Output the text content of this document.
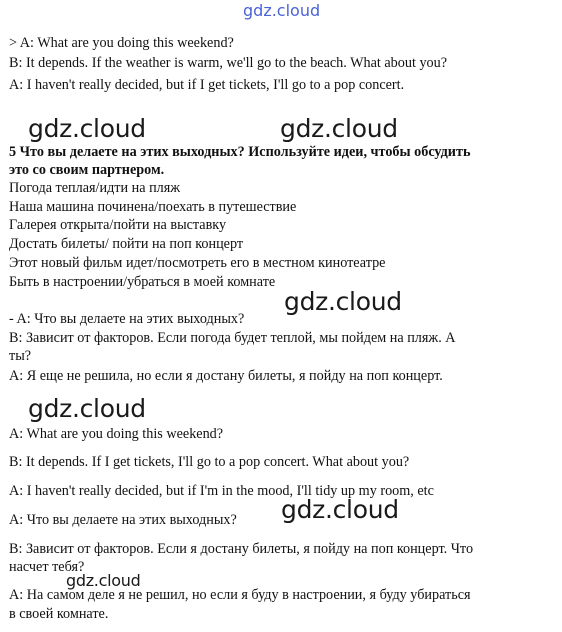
gdz.cloud

> A: What are you doing this weekend?

B: It depends. If the weather is warm, we'll go to the beach. What about you?

A: I haven't really decided, but if I get tickets, I'll go to a pop concert.

gdz.cloud	gdz.cloud

5 Что вы делаете на этих выходных? Используйте идеи, чтобы обсудить

это со своим партнером.

Погода теплая/идти на пляж

Наша машина починена/поехать в путешествие

Галерея открыта/пойти на выставку

Достать билеты/ пойти на поп концерт

Этот новый фильм идет/посмотреть его в местном кинотеатре

Быть в настроении/убраться в моей комнате

gdz.cloud

- A: Что вы делаете на этих выходных?

B: Зависит от факторов. Если погода будет теплой, мы пойдем на пляж. А

ты?

A: Я еще не решила, но если я достану билеты, я пойду на поп концерт.

gdz.cloud

A: What are you doing this weekend?

B: It depends. If I get tickets, I'll go to a pop concert. What about you?

A: I haven't really decided, but if I'm in the mood, I'll tidy up my room, etc

gdz.cloud

A: Что вы делаете на этих выходных?

B: Зависит от факторов. Если я достану билеты, я пойду на поп концерт. Что

насчет тебя?

gdz.cloud

A: На самом деле я не решил, но если я буду в настроении, я буду убираться

в своей комнате.
